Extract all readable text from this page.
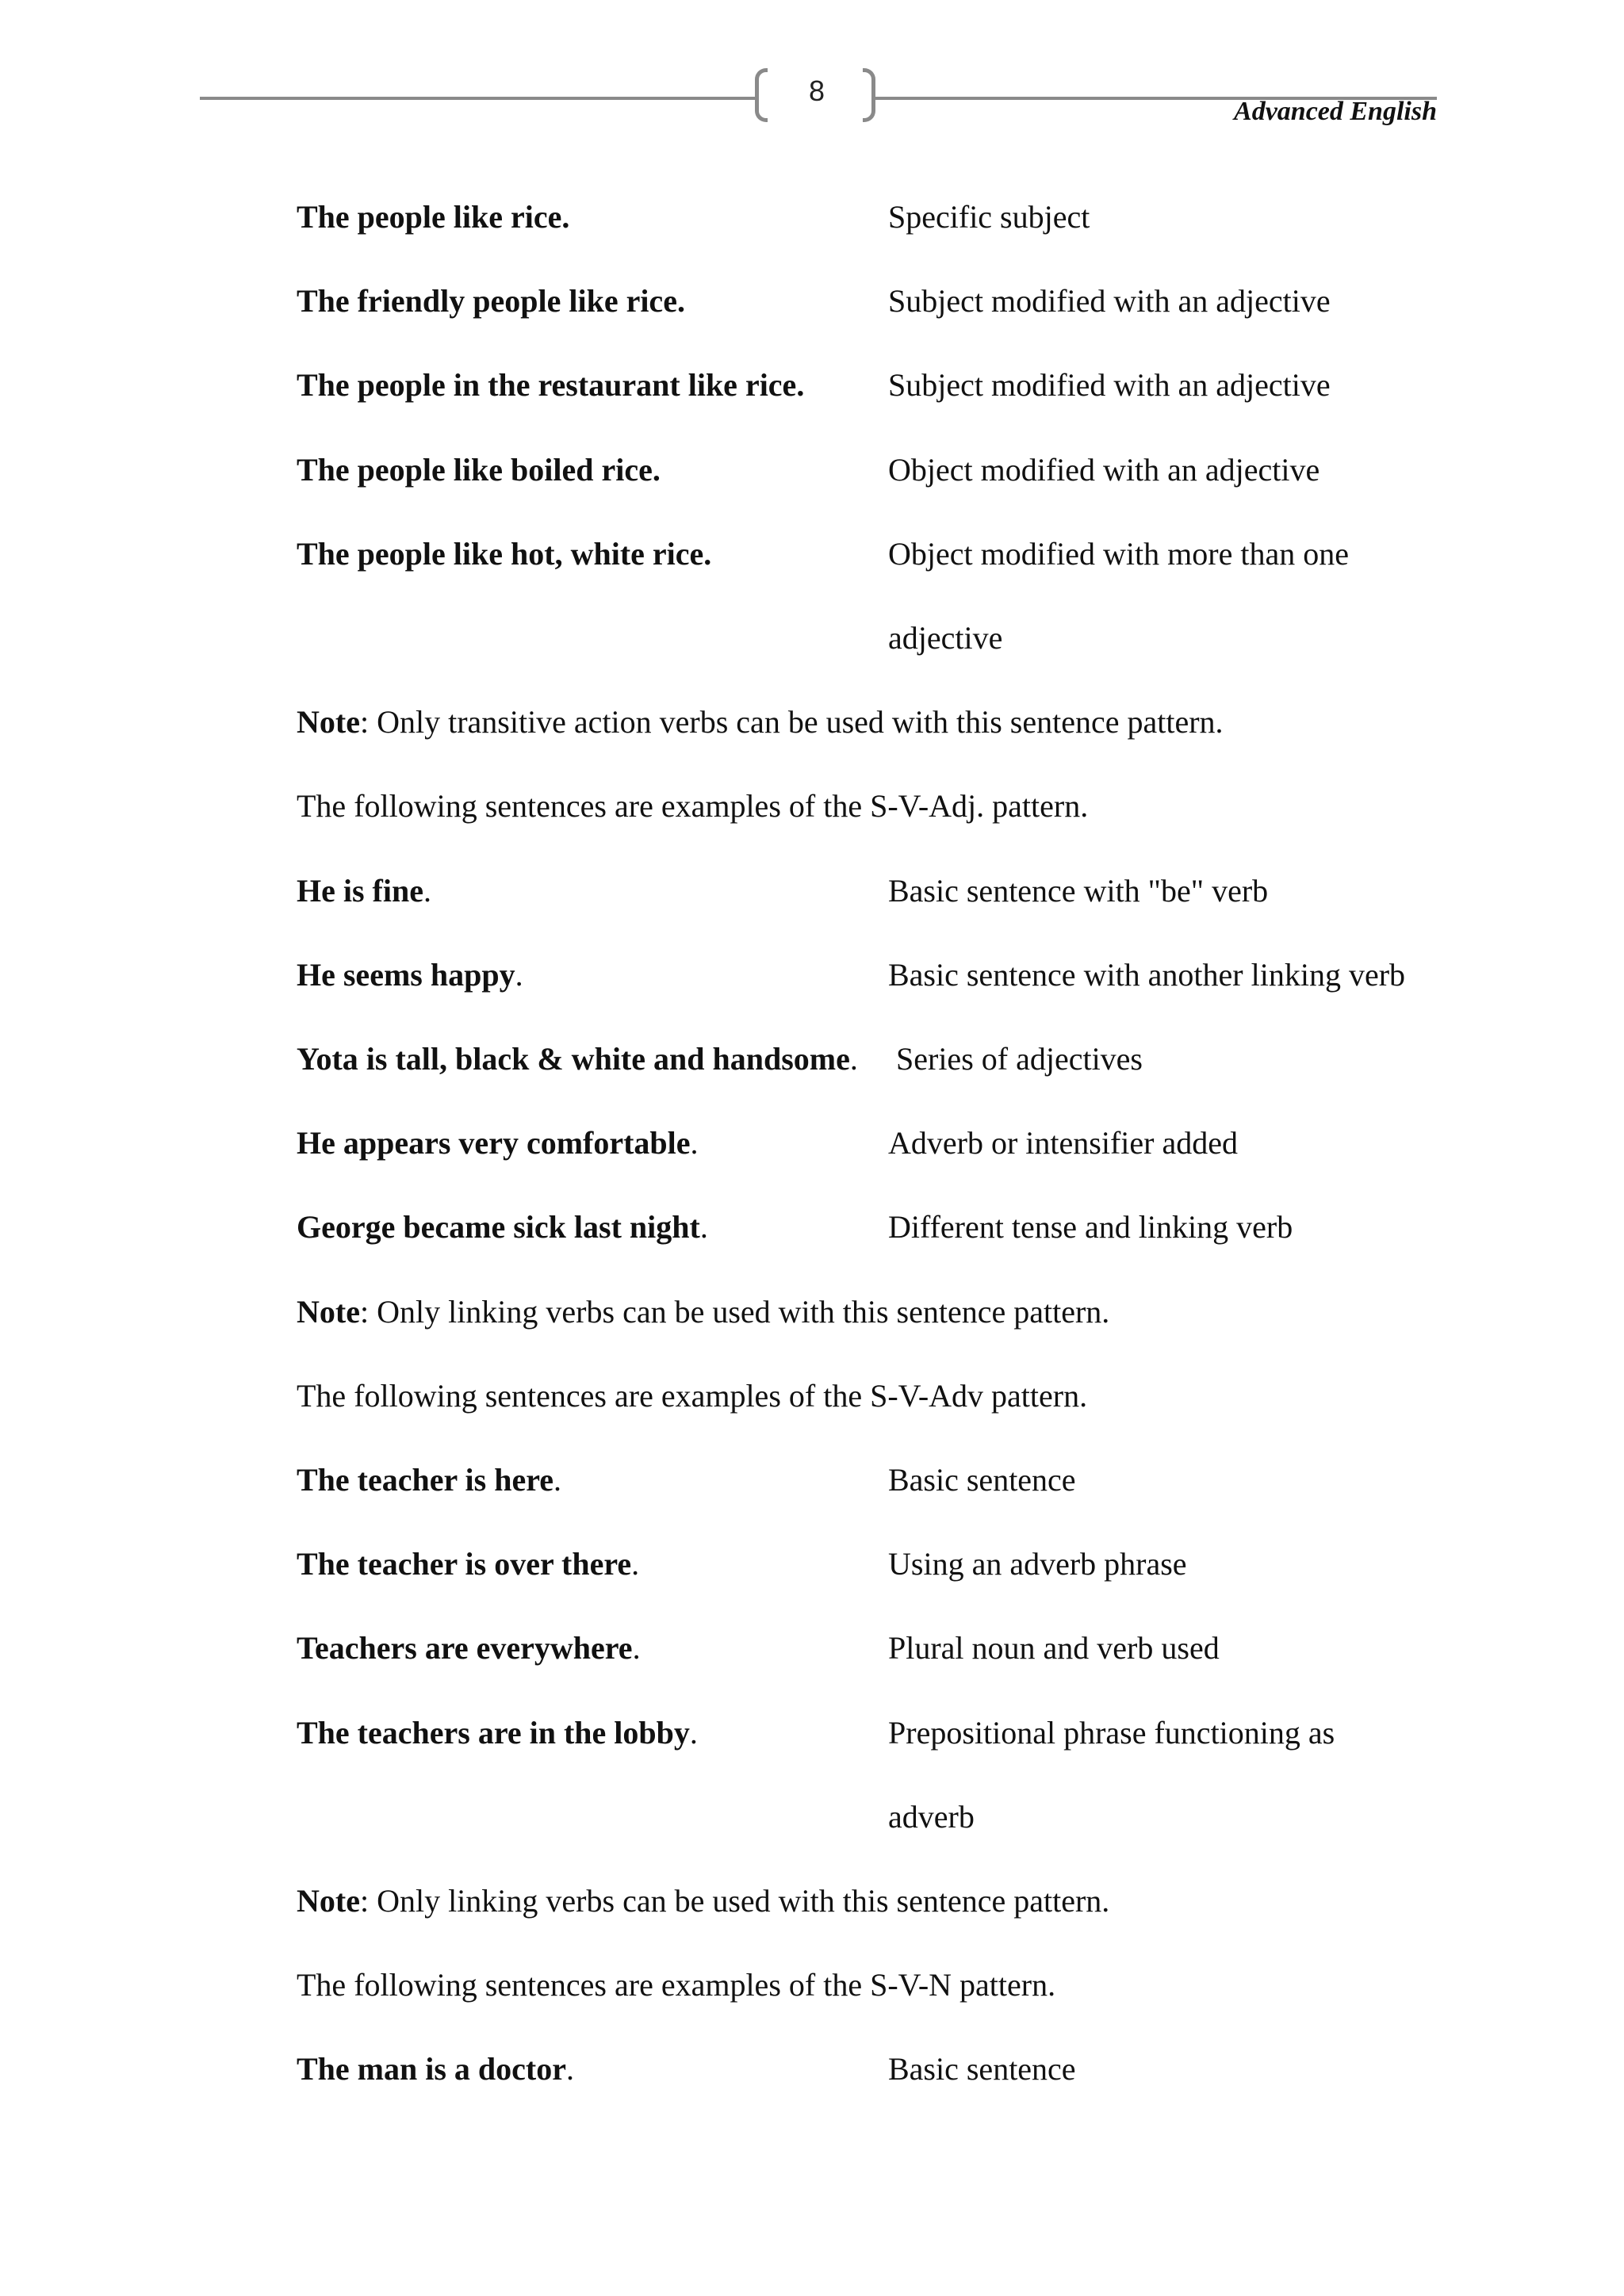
8
Advanced English
The people like rice.	Specific subject
The friendly people like rice.	Subject modified with an adjective
The people in the restaurant like rice.	Subject modified with an adjective
The people like boiled rice.	Object modified with an adjective
The people like hot, white rice.	Object modified with more than one
adjective
Note: Only transitive action verbs can be used with this sentence pattern.
The following sentences are examples of the S-V-Adj. pattern.
He is fine.	Basic sentence with "be" verb
He seems happy.	Basic sentence with another linking verb
Yota is tall, black & white and handsome. Series of adjectives
He appears very comfortable.	Adverb or intensifier added
George became sick last night.	Different tense and linking verb
Note: Only linking verbs can be used with this sentence pattern.
The following sentences are examples of the S-V-Adv pattern.
The teacher is here.	Basic sentence
The teacher is over there.	Using an adverb phrase
Teachers are everywhere.	Plural noun and verb used
The teachers are in the lobby.	Prepositional phrase functioning as
adverb
Note: Only linking verbs can be used with this sentence pattern.
The following sentences are examples of the S-V-N pattern.
The man is a doctor.	Basic sentence
